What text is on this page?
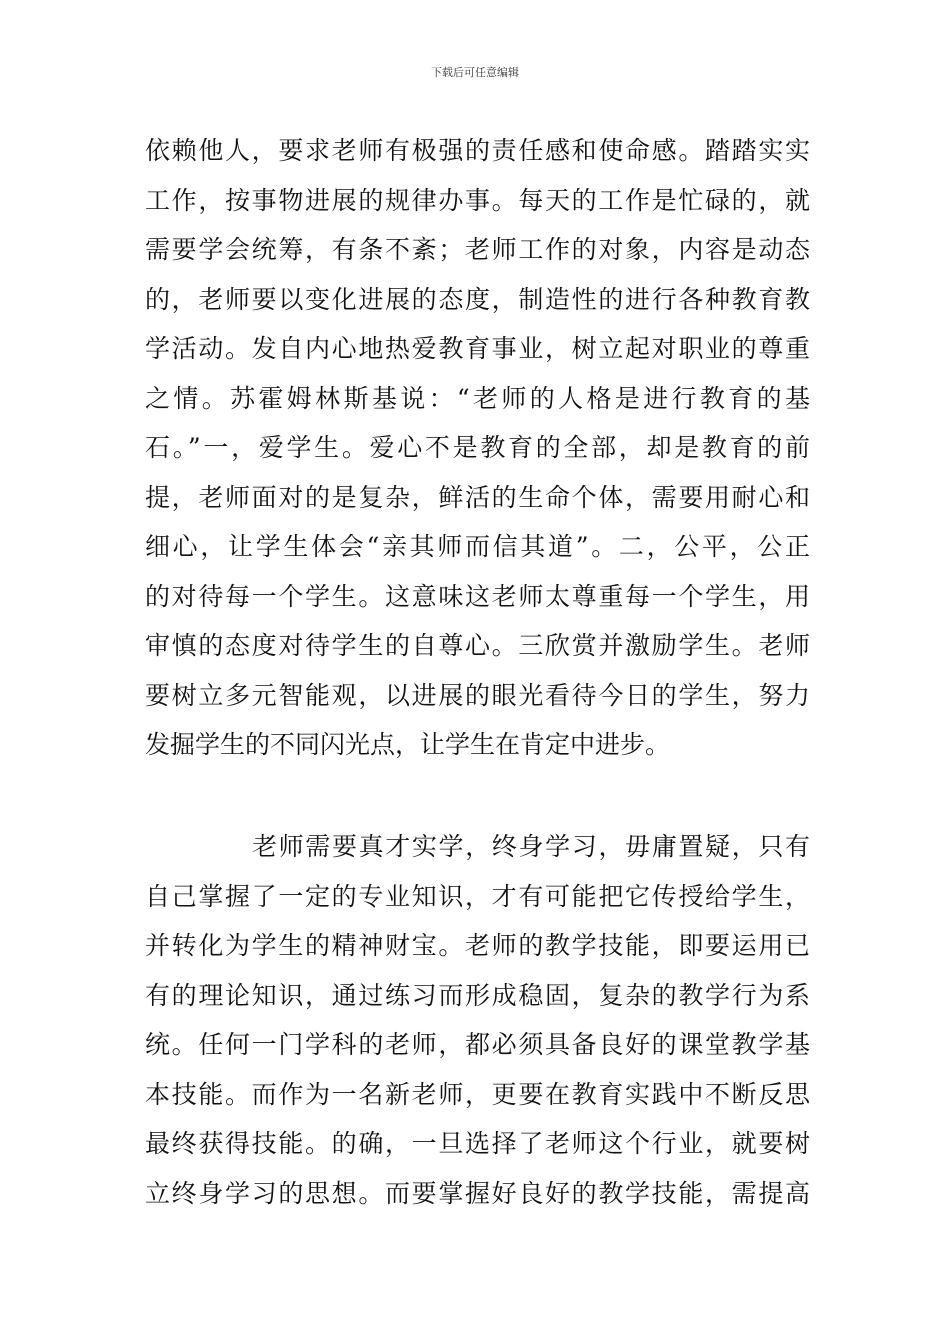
下载后可任意编辑
依赖他人，要求老师有极强的责任感和使命感。踏踏实实
工作，按事物进展的规律办事。每天的工作是忙碌的，就
需要学会统筹，有条不紊；老师工作的对象，内容是动态
的，老师要以变化进展的态度，制造性的进行各种教育教
学活动。发自内心地热爱教育事业，树立起对职业的尊重
之情。苏霍姆林斯基说：“老师的人格是进行教育的基
石。”一，爱学生。爱心不是教育的全部，却是教育的前
提，老师面对的是复杂，鲜活的生命个体，需要用耐心和
细心，让学生体会“亲其师而信其道”。二，公平，公正
的对待每一个学生。这意味这老师太尊重每一个学生，用
审慎的态度对待学生的自尊心。三欣赏并激励学生。老师
要树立多元智能观，以进展的眼光看待今日的学生，努力
发掘学生的不同闪光点，让学生在肯定中进步。
老师需要真才实学，终身学习，毋庸置疑，只有
自己掌握了一定的专业知识，才有可能把它传授给学生，
并转化为学生的精神财宝。老师的教学技能，即要运用已
有的理论知识，通过练习而形成稳固，复杂的教学行为系
统。任何一门学科的老师，都必须具备良好的课堂教学基
本技能。而作为一名新老师，更要在教育实践中不断反思
最终获得技能。的确，一旦选择了老师这个行业，就要树
立终身学习的思想。而要掌握好良好的教学技能，需提高
